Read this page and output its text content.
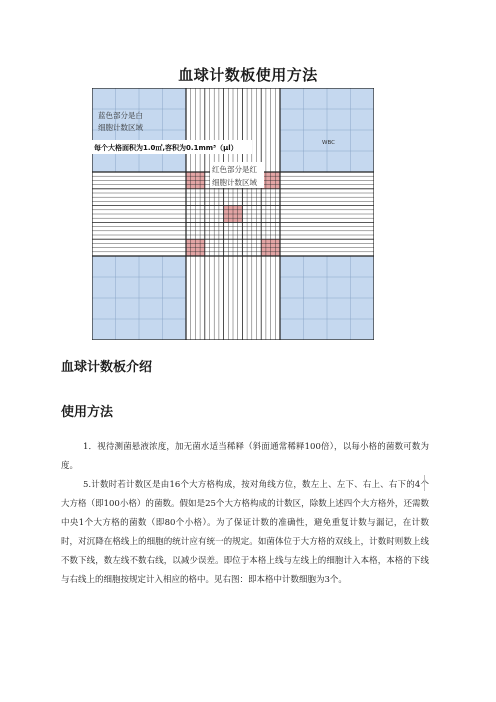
血球计数板使用方法
蓝色部分是白
细胞计数区域
每个大格面积为1.0㎡,容积为0.1mm³（µl）
WBC
红色部分是红
细胞计数区域
血球计数板介绍
使用方法

1．视待测菌悬液浓度，加无菌水适当稀释（斜面通常稀释100倍），以每小格的菌数可数为度。

5.计数时若计数区是由16个大方格构成，按对角线方位，数左上、左下、右上、右下的4个大方格（即100小格）的菌数。假如是25个大方格构成的计数区，除数上述四个大方格外，还需数中央1个大方格的菌数（即80个小格）。为了保证计数的准确性，避免重复计数与漏记，在计数时，对沉降在格线上的细胞的统计应有统一的规定。如菌体位于大方格的双线上，计数时则数上线不数下线，数左线不数右线，以减少误差。即位于本格上线与左线上的细胞计入本格，本格的下线与右线上的细胞按规定计入相应的格中。见右图：即本格中计数细胞为3个。
